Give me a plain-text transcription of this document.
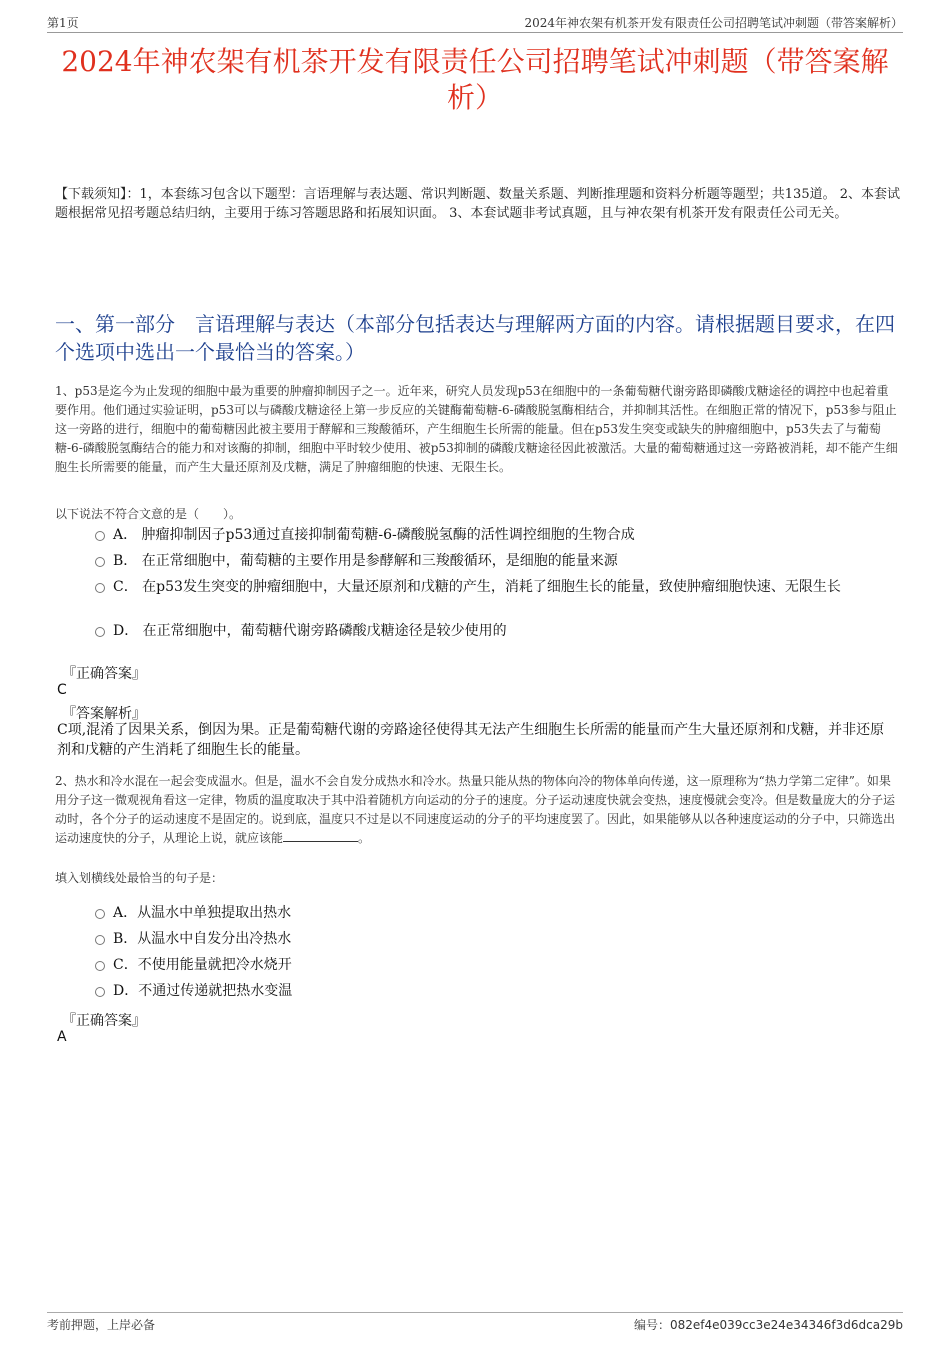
第1页	2024年神农架有机茶开发有限责任公司招聘笔试冲刺题（带答案解析）
2024年神农架有机茶开发有限责任公司招聘笔试冲刺题（带答案解析）
【下载须知】：1，本套练习包含以下题型：言语理解与表达题、常识判断题、数量关系题、判断推理题和资料分析题等题型；共135道。 2、本套试题根据常见招考题总结归纳，主要用于练习答题思路和拓展知识面。 3、本套试题非考试真题，且与神农架有机茶开发有限责任公司无关。
一、第一部分　言语理解与表达（本部分包括表达与理解两方面的内容。请根据题目要求，在四个选项中选出一个最恰当的答案。）
1、p53是迄今为止发现的细胞中最为重要的肿瘤抑制因子之一。近年来，研究人员发现p53在细胞中的一条葡萄糖代谢旁路即磷酸戊糖途径的调控中也起着重要作用。他们通过实验证明，p53可以与磷酸戊糖途径上第一步反应的关键酶葡萄糖-6-磷酸脱氢酶相结合，并抑制其活性。在细胞正常的情况下，p53参与阻止这一旁路的进行，细胞中的葡萄糖因此被主要用于酵解和三羧酸循环，产生细胞生长所需的能量。但在p53发生突变或缺失的肿瘤细胞中，p53失去了与葡萄糖-6-磷酸脱氢酶结合的能力和对该酶的抑制，细胞中平时较少使用、被p53抑制的磷酸戊糖途径因此被激活。大量的葡萄糖通过这一旁路被消耗，却不能产生细胞生长所需要的能量，而产生大量还原剂及戊糖，满足了肿瘤细胞的快速、无限生长。
以下说法不符合文意的是（　　）。
A． 肿瘤抑制因子p53通过直接抑制葡萄糖-6-磷酸脱氢酶的活性调控细胞的生物合成
B． 在正常细胞中，葡萄糖的主要作用是参酵解和三羧酸循环，是细胞的能量来源
C． 在p53发生突变的肿瘤细胞中，大量还原剂和戊糖的产生，消耗了细胞生长的能量，致使肿瘤细胞快速、无限生长
D． 在正常细胞中，葡萄糖代谢旁路磷酸戊糖途径是较少使用的
『正确答案』
C
『答案解析』
C项,混淆了因果关系，倒因为果。正是葡萄糖代谢的旁路途径使得其无法产生细胞生长所需的能量而产生大量还原剂和戊糖，并非还原剂和戊糖的产生消耗了细胞生长的能量。
2、热水和冷水混在一起会变成温水。但是，温水不会自发分成热水和冷水。热量只能从热的物体向冷的物体单向传递，这一原理称为“热力学第二定律”。如果用分子这一微观视角看这一定律，物质的温度取决于其中沿着随机方向运动的分子的速度。分子运动速度快就会变热，速度慢就会变冷。但是数量庞大的分子运动时，各个分子的运动速度不是固定的。说到底，温度只不过是以不同速度运动的分子的平均速度罢了。因此，如果能够从以各种速度运动的分子中，只筛选出运动速度快的分子，从理论上说，就应该能	。
填入划横线处最恰当的句子是：
A．从温水中单独提取出热水
B．从温水中自发分出冷热水
C．不使用能量就把冷水烧开
D．不通过传递就把热水变温
『正确答案』
A
考前押题，上岸必备	编号：082ef4e039cc3e24e34346f3d6dca29b
